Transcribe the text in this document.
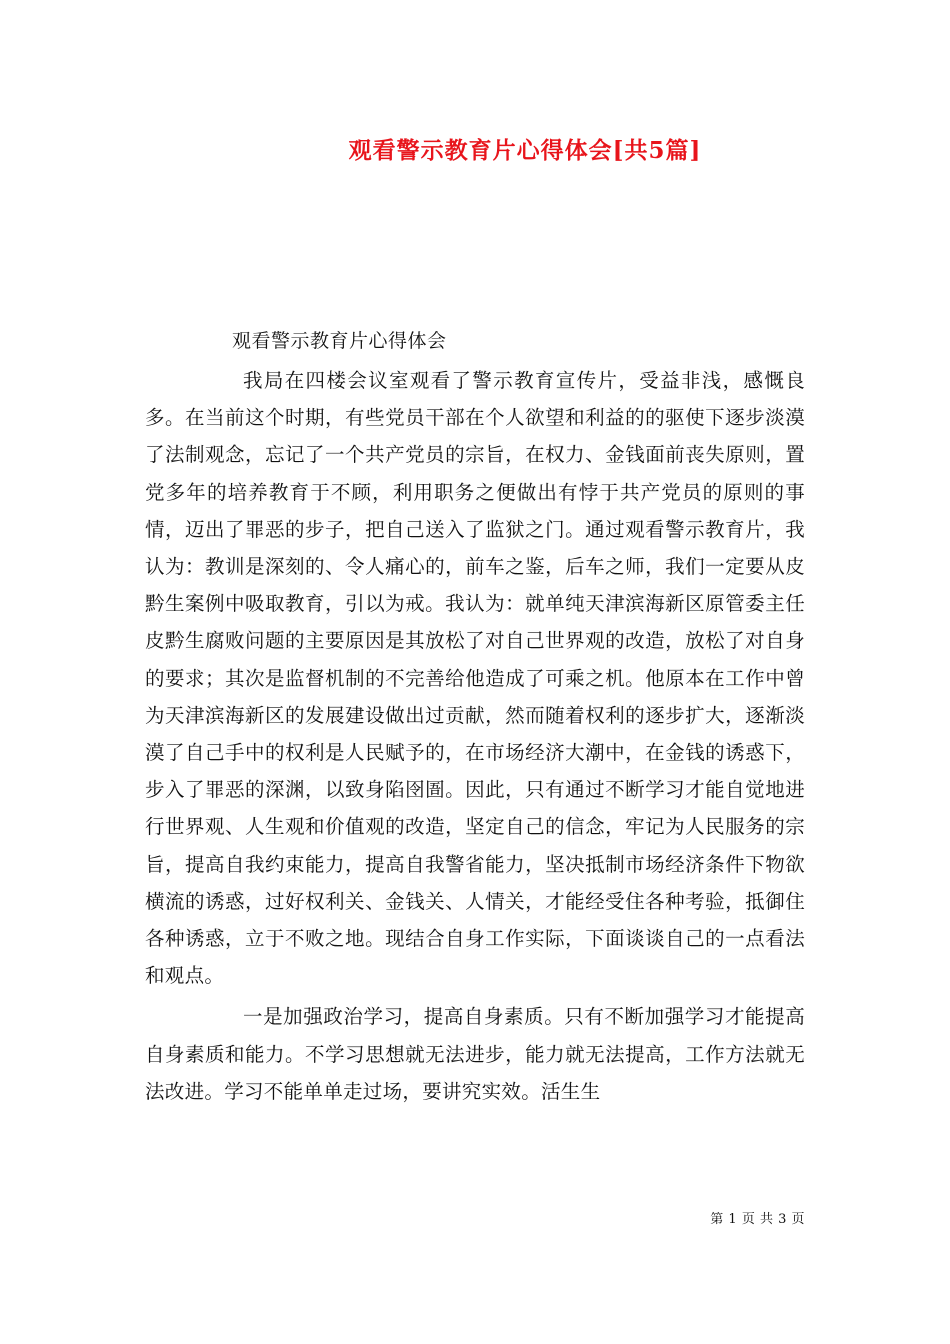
观看警示教育片心得体会[共5篇]
观看警示教育片心得体会

我局在四楼会议室观看了警示教育宣传片，受益非浅，感慨良多。在当前这个时期，有些党员干部在个人欲望和利益的的驱使下逐步淡漠了法制观念，忘记了一个共产党员的宗旨，在权力、金钱面前丧失原则，置党多年的培养教育于不顾，利用职务之便做出有悖于共产党员的原则的事情，迈出了罪恶的步子，把自己送入了监狱之门。通过观看警示教育片，我认为：教训是深刻的、令人痛心的，前车之鉴，后车之师，我们一定要从皮黔生案例中吸取教育，引以为戒。我认为：就单纯天津滨海新区原管委主任皮黔生腐败问题的主要原因是其放松了对自己世界观的改造，放松了对自身的要求；其次是监督机制的不完善给他造成了可乘之机。他原本在工作中曾为天津滨海新区的发展建设做出过贡献，然而随着权利的逐步扩大，逐渐淡漠了自己手中的权利是人民赋予的，在市场经济大潮中，在金钱的诱惑下，步入了罪恶的深渊，以致身陷囹圄。因此，只有通过不断学习才能自觉地进行世界观、人生观和价值观的改造，坚定自己的信念，牢记为人民服务的宗旨，提高自我约束能力，提高自我警省能力，坚决抵制市场经济条件下物欲横流的诱惑，过好权利关、金钱关、人情关，才能经受住各种考验，抵御住各种诱惑，立于不败之地。现结合自身工作实际，下面谈谈自己的一点看法和观点。

一是加强政治学习，提高自身素质。只有不断加强学习才能提高自身素质和能力。不学习思想就无法进步，能力就无法提高，工作方法就无法改进。学习不能单单走过场，要讲究实效。活生生

第 1 页 共 3 页
